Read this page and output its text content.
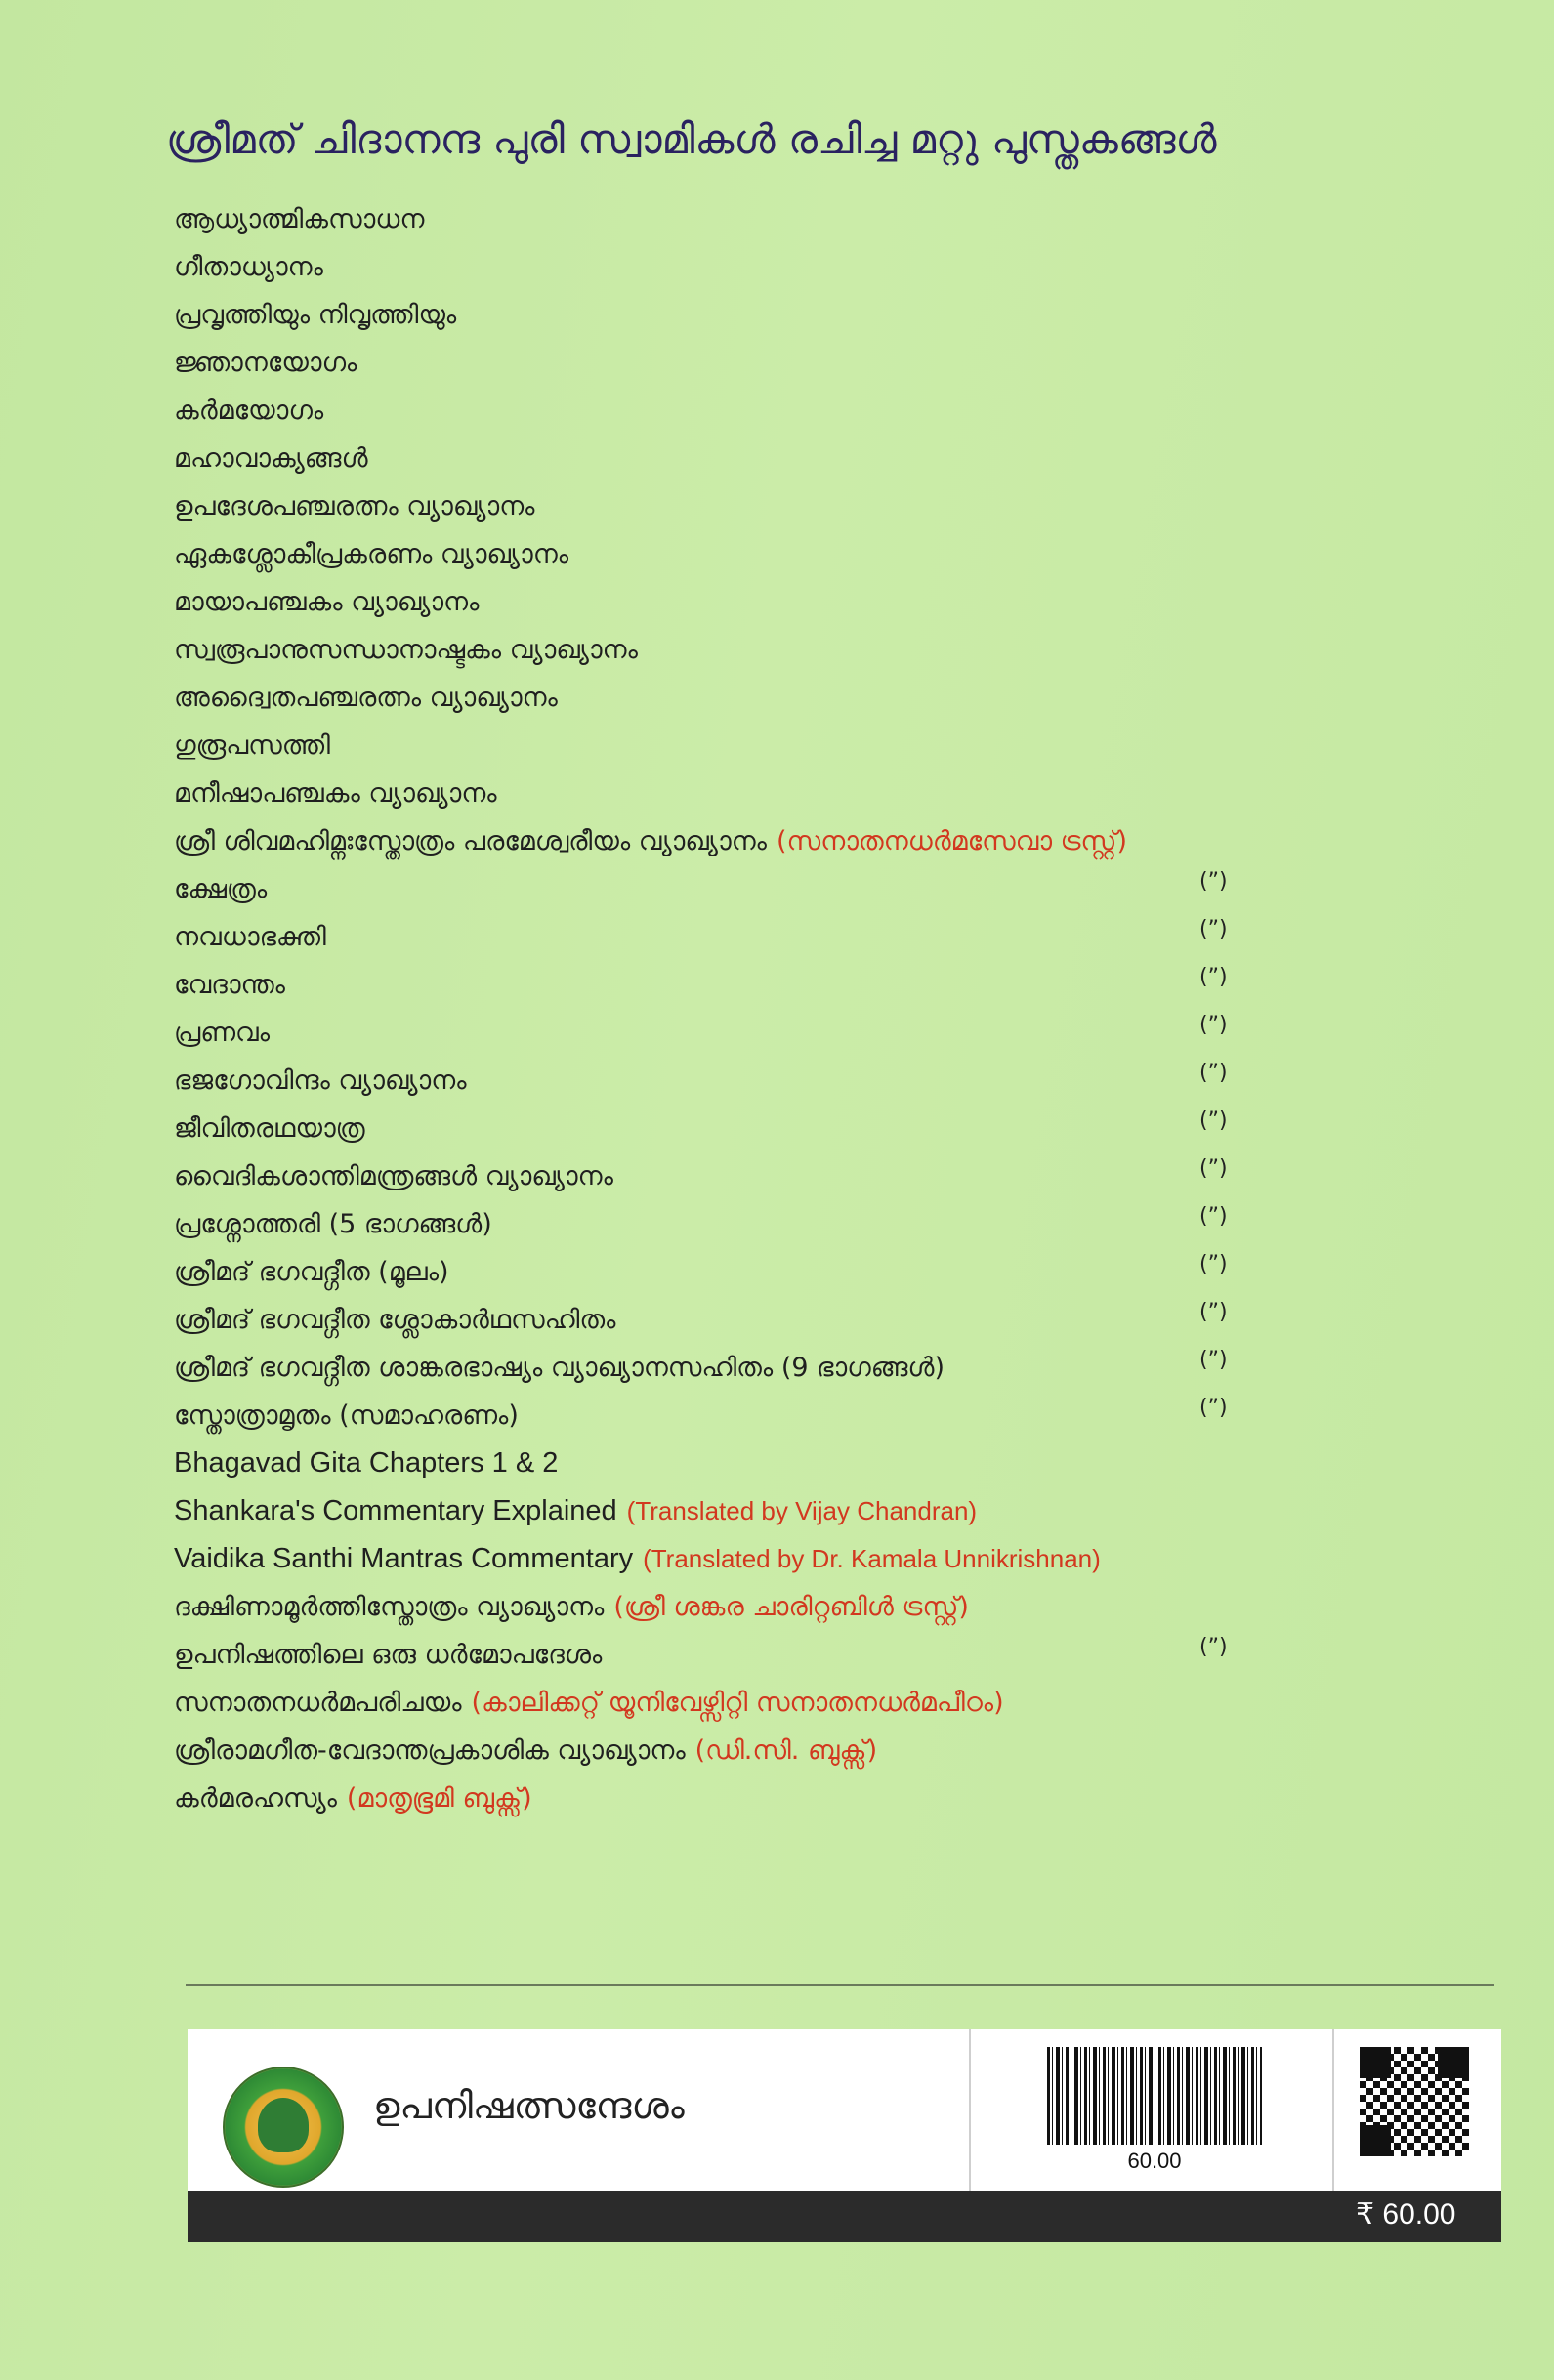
ശ്രീമത് ചിദാനന്ദ പുരി സ്വാമികൾ രചിച്ച മറ്റു പുസ്തകങ്ങൾ
ആധ്യാത്മികസാധന
ഗീതാധ്യാനം
പ്രവൃത്തിയും നിവൃത്തിയും
ജ്ഞാനയോഗം
കർമയോഗം
മഹാവാക്യങ്ങൾ
ഉപദേശപഞ്ചരത്നം വ്യാഖ്യാനം
ഏകശ്ലോകീപ്രകരണം വ്യാഖ്യാനം
മായാപഞ്ചകം വ്യാഖ്യാനം
സ്വരൂപാനുസന്ധാനാഷ്ടകം വ്യാഖ്യാനം
അദ്വൈതപഞ്ചരത്നം വ്യാഖ്യാനം
ഗുരൂപസത്തി
മനീഷാപഞ്ചകം വ്യാഖ്യാനം
ശ്രീ ശിവമഹിമ്നഃസ്തോത്രം പരമേശ്വരീയം വ്യാഖ്യാനം (സനാതനധർമസേവാ ട്രസ്റ്റ്)
ക്ഷേത്രം	(”)
നവധാഭക്തി	(”)
വേദാന്തം	(”)
പ്രണവം	(”)
ഭജഗോവിന്ദം വ്യാഖ്യാനം	(”)
ജീവിതരഥയാത്ര	(”)
വൈദികശാന്തിമന്ത്രങ്ങൾ വ്യാഖ്യാനം	(”)
പ്രശ്നോത്തരി (5 ഭാഗങ്ങൾ)	(”)
ശ്രീമദ് ഭഗവദ്ഗീത (മൂലം)	(”)
ശ്രീമദ് ഭഗവദ്ഗീത ശ്ലോകാർഥസഹിതം	(”)
ശ്രീമദ് ഭഗവദ്ഗീത ശാങ്കരഭാഷ്യം വ്യാഖ്യാനസഹിതം (9 ഭാഗങ്ങൾ)	(”)
സ്തോത്രാമൃതം (സമാഹരണം)	(”)
Bhagavad Gita Chapters 1 & 2
Shankara's Commentary Explained (Translated by Vijay Chandran)
Vaidika Santhi Mantras Commentary (Translated by Dr. Kamala Unnikrishnan)
ദക്ഷിണാമൂർത്തിസ്തോത്രം വ്യാഖ്യാനം (ശ്രീ ശങ്കര ചാരിറ്റബിൾ ട്രസ്റ്റ്)
ഉപനിഷത്തിലെ ഒരു ധർമോപദേശം	(”)
സനാതനധർമപരിചയം (കാലിക്കറ്റ് യൂനിവേഴ്സിറ്റി സനാതനധർമപീഠം)
ശ്രീരാമഗീത-വേദാന്തപ്രകാശിക വ്യാഖ്യാനം (ഡി.സി. ബുക്സ്)
കർമരഹസ്യം (മാതൃഭൂമി ബുക്സ്)
ഉപനിഷത്സന്ദേശം
60.00
₹ 60.00
